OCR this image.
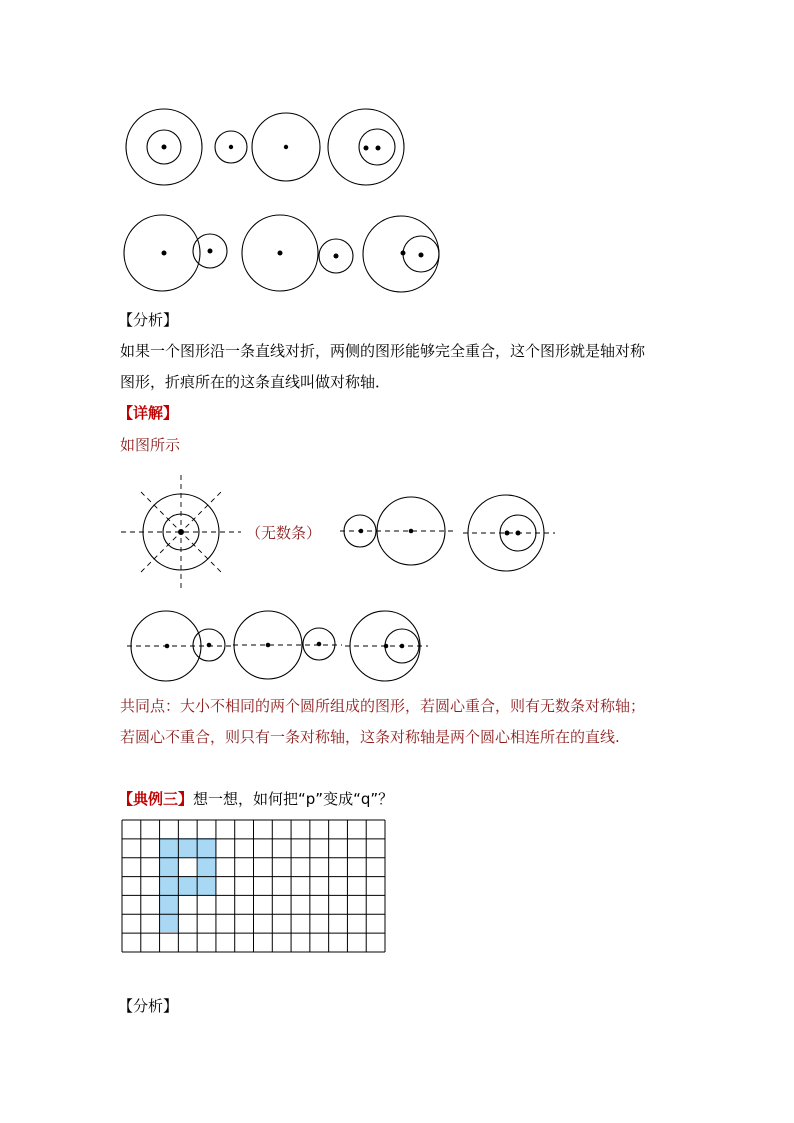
【分析】
如果一个图形沿一条直线对折，两侧的图形能够完全重合，这个图形就是轴对称
图形，折痕所在的这条直线叫做对称轴．
【详解】
如图所示
（无数条）
共同点：大小不相同的两个圆所组成的图形，若圆心重合，则有无数条对称轴；
若圆心不重合，则只有一条对称轴，这条对称轴是两个圆心相连所在的直线.
【典例三】想一想，如何把“p”变成“q”？
【分析】
